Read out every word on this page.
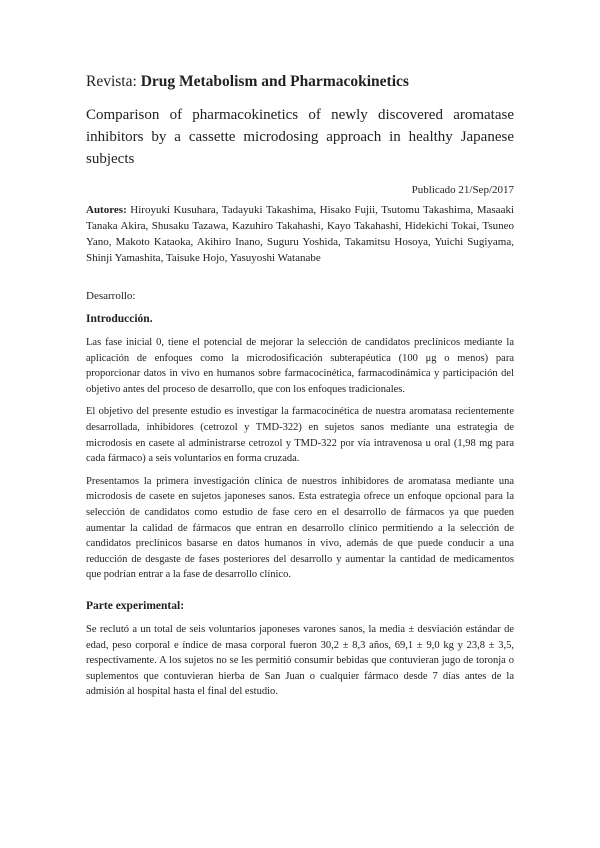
Revista: Drug Metabolism and Pharmacokinetics
Comparison of pharmacokinetics of newly discovered aromatase inhibitors by a cassette microdosing approach in healthy Japanese subjects
Publicado 21/Sep/2017
Autores: Hiroyuki Kusuhara, Tadayuki Takashima, Hisako Fujii, Tsutomu Takashima, Masaaki Tanaka Akira, Shusaku Tazawa, Kazuhiro Takahashi, Kayo Takahashi, Hidekichi Tokai, Tsuneo Yano, Makoto Kataoka, Akihiro Inano, Suguru Yoshida, Takamitsu Hosoya, Yuichi Sugiyama, Shinji Yamashita, Taisuke Hojo, Yasuyoshi Watanabe
Desarrollo:
Introducción.
Las fase inicial 0, tiene el potencial de mejorar la selección de candidatos preclínicos mediante la aplicación de enfoques como la microdosificación subterapéutica (100 μg o menos) para proporcionar datos in vivo en humanos sobre farmacocinética, farmacodinámica y participación del objetivo antes del proceso de desarrollo, que con los enfoques tradicionales.
El objetivo del presente estudio es investigar la farmacocinética de nuestra aromatasa recientemente desarrollada, inhibidores (cetrozol y TMD-322) en sujetos sanos mediante una estrategia de microdosis en casete al administrarse cetrozol y TMD-322 por vía intravenosa u oral (1,98 mg para cada fármaco) a seis voluntarios en forma cruzada.
Presentamos la primera investigación clínica de nuestros inhibidores de aromatasa mediante una microdosis de casete en sujetos japoneses sanos. Esta estrategia ofrece un enfoque opcional para la selección de candidatos como estudio de fase cero en el desarrollo de fármacos ya que pueden aumentar la calidad de fármacos que entran en desarrollo clínico permitiendo a la selección de candidatos preclínicos basarse en datos humanos in vivo, además de que puede conducir a una reducción de desgaste de fases posteriores del desarrollo y aumentar la cantidad de medicamentos que podrían entrar a la fase de desarrollo clínico.
Parte experimental:
Se reclutó a un total de seis voluntarios japoneses varones sanos, la media ± desviación estándar de edad, peso corporal e índice de masa corporal fueron 30,2 ± 8,3 años, 69,1 ± 9,0 kg y 23,8 ± 3,5, respectivamente. A los sujetos no se les permitió consumir bebidas que contuvieran jugo de toronja o suplementos que contuvieran hierba de San Juan o cualquier fármaco desde 7 días antes de la admisión al hospital hasta el final del estudio.
